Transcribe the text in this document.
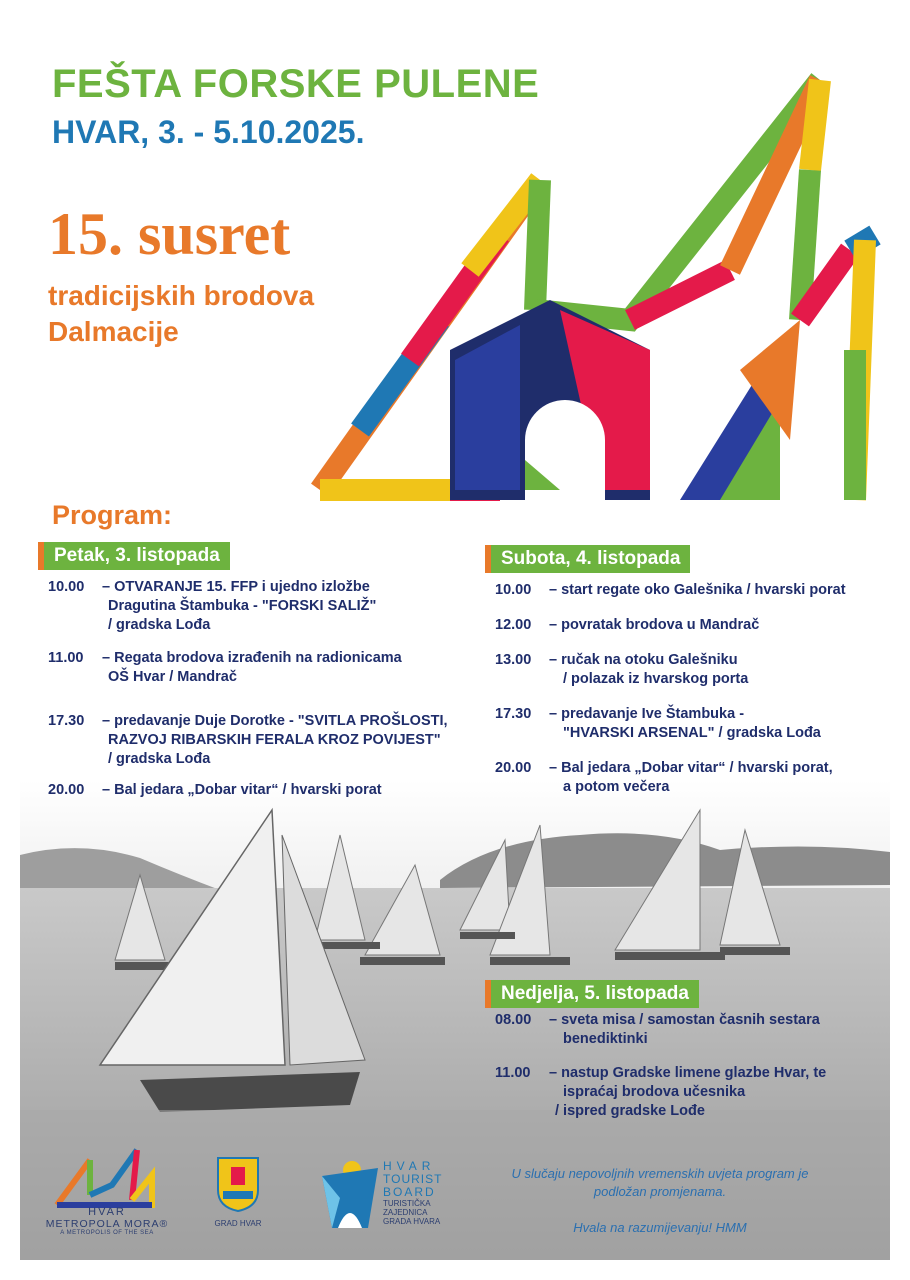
FEŠTA FORSKE PULENE
HVAR, 3. - 5.10.2025.
15. susret
tradicijskih brodova
Dalmacije
Program:
Petak, 3. listopada	Subota, 4. listopada
Nedjelja, 5. listopada
10.00 – OTVARANJE 15. FFP i ujedno izložbe
Dragutina Štambuka - "FORSKI SALIŽ"
/ gradska Lođa
11.00 – Regata brodova izrađenih na radionicama
OŠ Hvar / Mandrač
17.30 – predavanje Duje Dorotke - "SVITLA PROŠLOSTI,
RAZVOJ RIBARSKIH FERALA KROZ POVIJEST"
/ gradska Lođa
20.00 – Bal jedara „Dobar vitar“ / hvarski porat
10.00 – start regate oko Galešnika / hvarski porat
12.00 – povratak brodova u Mandrač
13.00 – ručak na otoku Galešniku
/ polazak iz hvarskog porta
17.30 – predavanje Ive Štambuka -
"HVARSKI ARSENAL" / gradska Lođa
20.00 – Bal jedara „Dobar vitar“ / hvarski porat,
a potom večera
08.00 – sveta misa / samostan časnih sestara
benediktinki
11.00 – nastup Gradske limene glazbe Hvar, te
ispraćaj brodova učesnika
/ ispred gradske Lođe
U slučaju nepovoljnih vremenskih uvjeta program je
podložan promjenama.
Hvala na razumijevanju! HMM
HVAR
METROPOLA MORA®
A METROPOLIS OF THE SEA
GRAD HVAR
HVAR
TOURIST
BOARD
TURISTIČKA
ZAJEDNICA
GRADA HVARA
